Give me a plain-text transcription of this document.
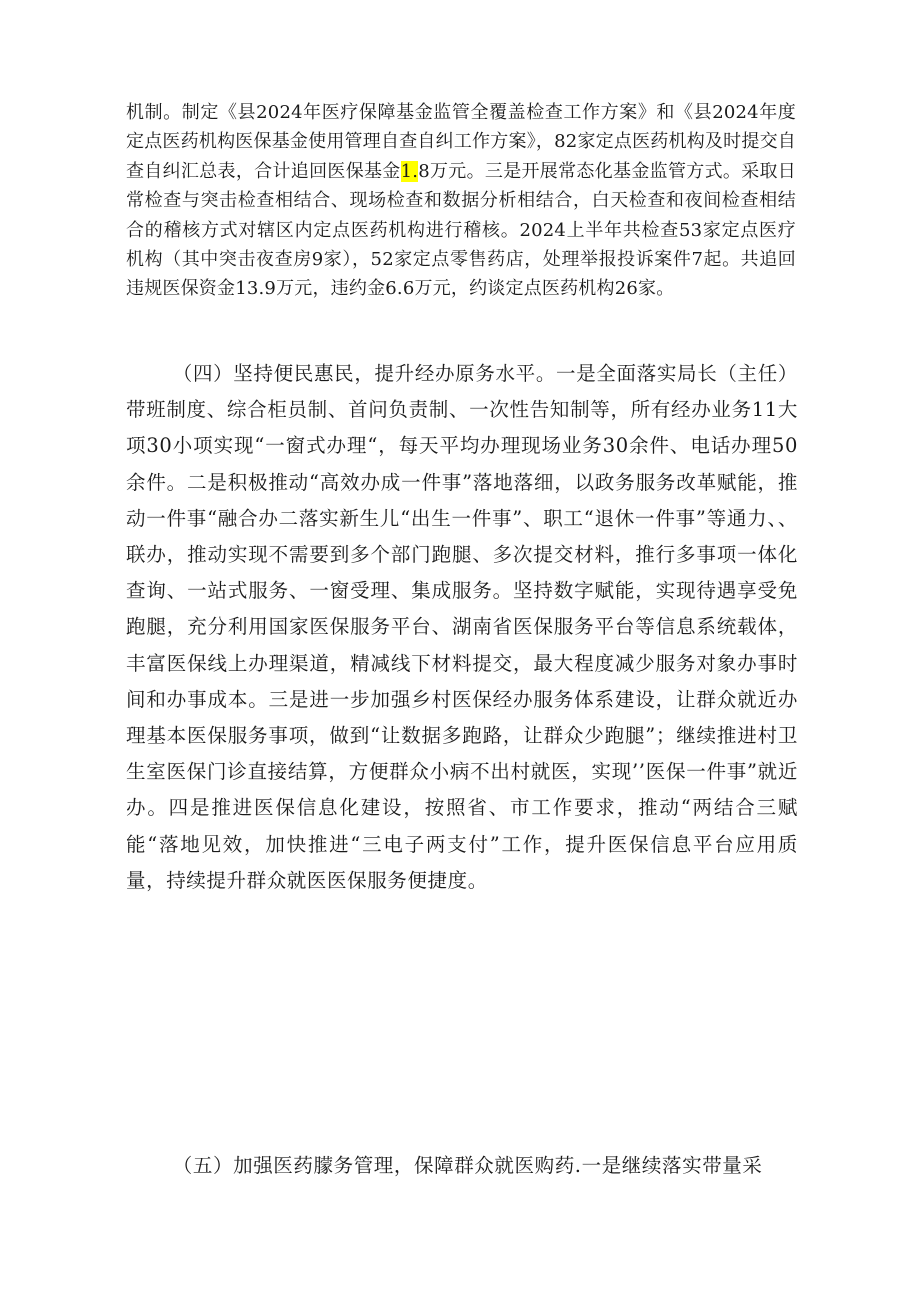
机制。制定《县2024年医疗保障基金监管全覆盖检查工作方案》和《县2024年度定点医药机构医保基金使用管理自查自纠工作方案》，82家定点医药机构及时提交自查自纠汇总表，合计追回医保基金1.8万元。三是开展常态化基金监管方式。采取日常检查与突击检查相结合、现场检查和数据分析相结合，白天检查和夜间检查相结合的稽核方式对辖区内定点医药机构进行稽核。2024上半年共检查53家定点医疗机构（其中突击夜查房9家），52家定点零售药店，处理举报投诉案件7起。共追回违规医保资金13.9万元，违约金6.6万元，约谈定点医药机构26家。

（四）坚持便民惠民，提升经办原务水平。一是全面落实局长（主任）带班制度、综合柜员制、首问负责制、一次性告知制等，所有经办业务11大项30小项实现“一窗式办理“，每天平均办理现场业务30余件、电话办理50余件。二是积极推动“高效办成一件事”落地落细，以政务服务改革赋能，推动一件事“融合办二落实新生儿“出生一件事”、职工“退休一件事”等通力、、联办，推动实现不需要到多个部门跑腿、多次提交材料，推行多事项一体化查询、一站式服务、一窗受理、集成服务。坚持数字赋能，实现待遇享受免跑腿，充分利用国家医保服务平台、湖南省医保服务平台等信息系统载体，丰富医保线上办理渠道，精减线下材料提交，最大程度减少服务对象办事时间和办事成本。三是进一步加强乡村医保经办服务体系建设，让群众就近办理基本医保服务事项，做到“让数据多跑路，让群众少跑腿”；继续推进村卫生室医保门诊直接结算，方便群众小病不出村就医，实现’’医保一件事”就近办。四是推进医保信息化建设，按照省、市工作要求，推动“两结合三赋能“落地见效，加快推进“三电子两支付”工作，提升医保信息平台应用质量，持续提升群众就医医保服务便捷度。

（五）加强医药朦务管理，保障群众就医购药.一是继续落实带量采
